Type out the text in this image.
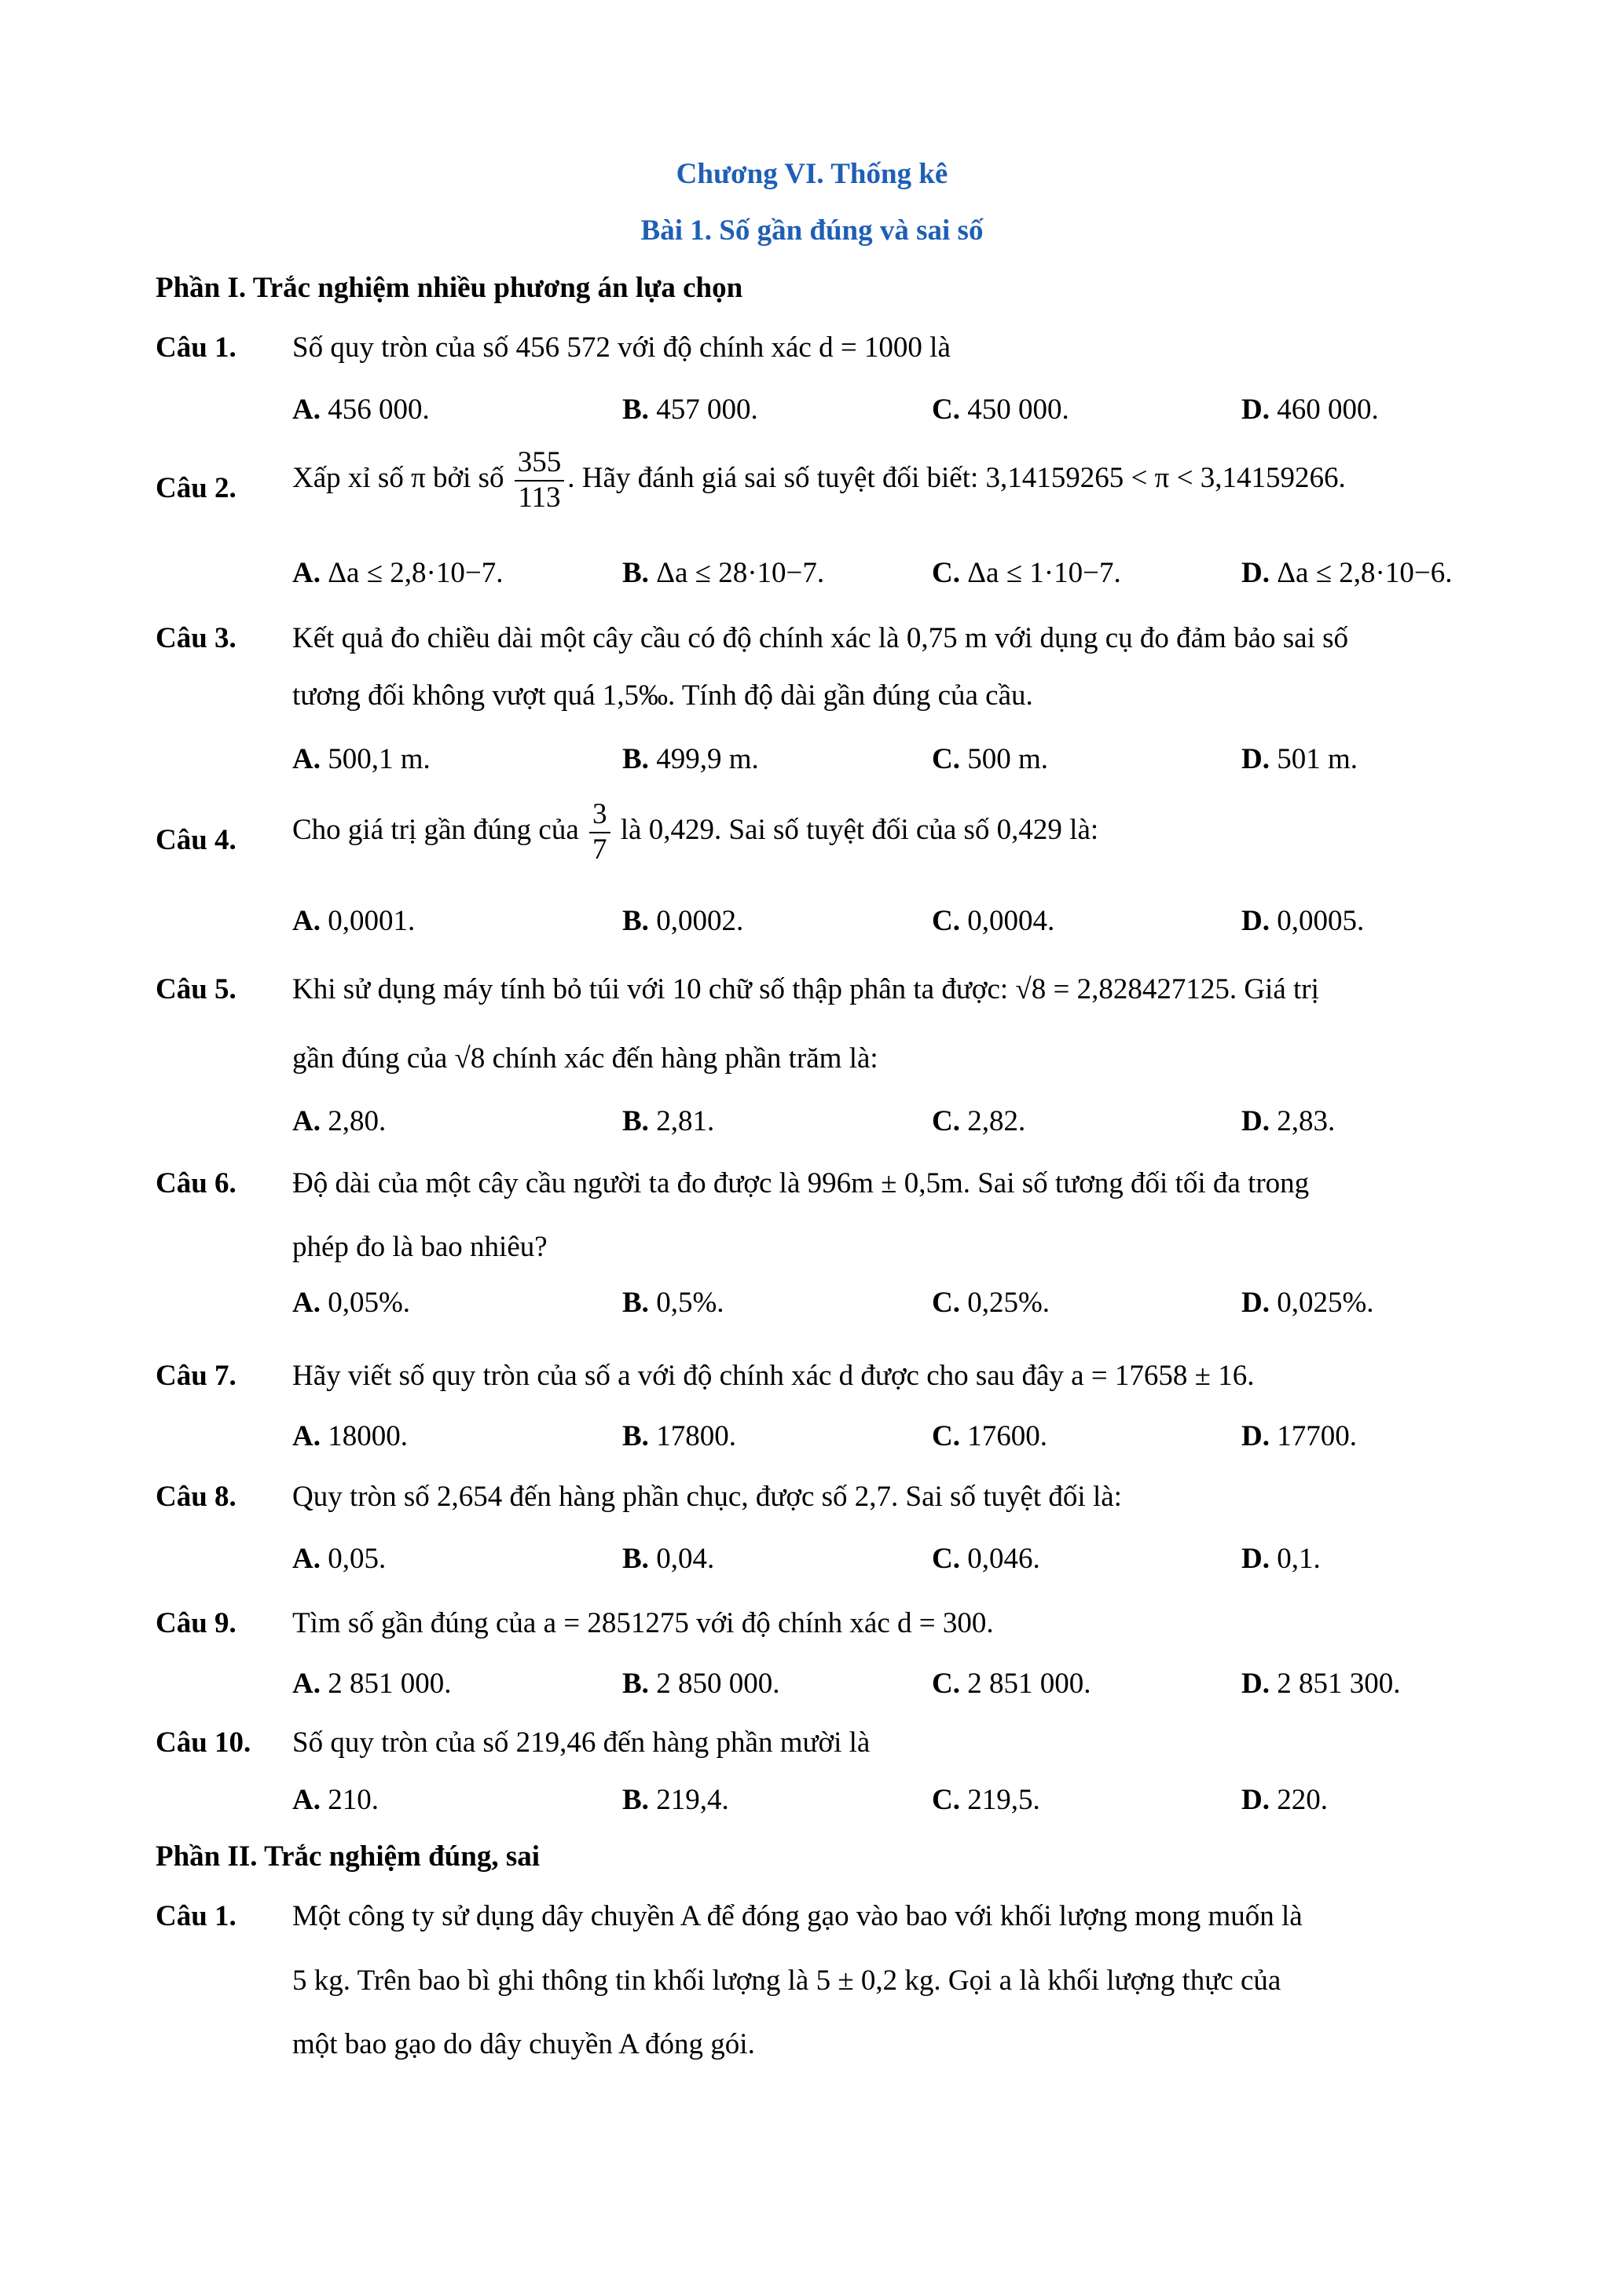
Chương VI. Thống kê
Bài 1. Số gần đúng và sai số
Phần I. Trắc nghiệm nhiều phương án lựa chọn
Câu 1. Số quy tròn của số 456 572 với độ chính xác d = 1000 là
A. 456 000.	B. 457 000.	C. 450 000.	D. 460 000.
Câu 2. Xấp xỉ số π bởi số $\frac{355}{113}$ . Hãy đánh giá sai số tuyệt đối biết: 3,14159265 < π < 3,14159266.
A. Δa ≤ 2,8·10−7.	B. Δa ≤ 28·10−7.	C. Δa ≤ 1·10−7.	D. Δa ≤ 2,8·10−6.
Câu 3. Kết quả đo chiều dài một cây cầu có độ chính xác là 0,75 m với dụng cụ đo đảm bảo sai số
tương đối không vượt quá 1,5‰. Tính độ dài gần đúng của cầu.
A. 500,1 m.	B. 499,9 m.	C. 500 m.	D. 501 m.
Câu 4. Cho giá trị gần đúng của $\frac{3}{7}$ là 0,429. Sai số tuyệt đối của số 0,429 là:
A. 0,0001.	B. 0,0002.	C. 0,0004.	D. 0,0005.
Câu 5. Khi sử dụng máy tính bỏ túi với 10 chữ số thập phân ta được: √8 = 2,828427125. Giá trị
gần đúng của √8 chính xác đến hàng phần trăm là:
A. 2,80.	B. 2,81.	C. 2,82.	D. 2,83.
Câu 6. Độ dài của một cây cầu người ta đo được là 996m ± 0,5m. Sai số tương đối tối đa trong
phép đo là bao nhiêu?
A. 0,05%.	B. 0,5%.	C. 0,25%.	D. 0,025%.
Câu 7. Hãy viết số quy tròn của số a với độ chính xác d được cho sau đây a = 17658 ± 16.
A. 18000.	B. 17800.	C. 17600.	D. 17700.
Câu 8. Quy tròn số 2,654 đến hàng phần chục, được số 2,7. Sai số tuyệt đối là:
A. 0,05.	B. 0,04.	C. 0,046.	D. 0,1.
Câu 9. Tìm số gần đúng của a = 2851275 với độ chính xác d = 300.
A. 2 851 000.	B. 2 850 000.	C. 2 851 000.	D. 2 851 300.
Câu 10. Số quy tròn của số 219,46 đến hàng phần mười là
A. 210.	B. 219,4.	C. 219,5.	D. 220.
Phần II. Trắc nghiệm đúng, sai
Câu 1. Một công ty sử dụng dây chuyền A để đóng gạo vào bao với khối lượng mong muốn là
5 kg. Trên bao bì ghi thông tin khối lượng là 5 ± 0,2 kg. Gọi a là khối lượng thực của
một bao gạo do dây chuyền A đóng gói.
